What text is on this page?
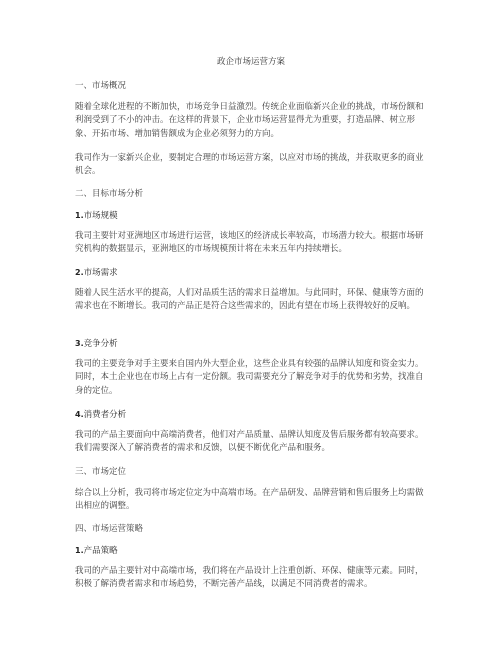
政企市场运营方案
一、市场概况
随着全球化进程的不断加快，市场竞争日益激烈。传统企业面临新兴企业的挑战，市场份额和利润受到了不小的冲击。在这样的背景下，企业市场运营显得尤为重要，打造品牌、树立形象、开拓市场、增加销售额成为企业必须努力的方向。
我司作为一家新兴企业，要制定合理的市场运营方案，以应对市场的挑战，并获取更多的商业机会。
二、目标市场分析
1.市场规模
我司主要针对亚洲地区市场进行运营，该地区的经济成长率较高，市场潜力较大。根据市场研究机构的数据显示，亚洲地区的市场规模预计将在未来五年内持续增长。
2.市场需求
随着人民生活水平的提高，人们对品质生活的需求日益增加。与此同时，环保、健康等方面的需求也在不断增长。我司的产品正是符合这些需求的，因此有望在市场上获得较好的反响。
3.竞争分析
我司的主要竞争对手主要来自国内外大型企业，这些企业具有较强的品牌认知度和资金实力。同时，本土企业也在市场上占有一定份额。我司需要充分了解竞争对手的优势和劣势，找准自身的定位。
4.消费者分析
我司的产品主要面向中高端消费者，他们对产品质量、品牌认知度及售后服务都有较高要求。我们需要深入了解消费者的需求和反馈，以便不断优化产品和服务。
三、市场定位
综合以上分析，我司将市场定位定为中高端市场。在产品研发、品牌营销和售后服务上均需做出相应的调整。
四、市场运营策略
1.产品策略
我司的产品主要针对中高端市场，我们将在产品设计上注重创新、环保、健康等元素。同时，积极了解消费者需求和市场趋势，不断完善产品线，以满足不同消费者的需求。
